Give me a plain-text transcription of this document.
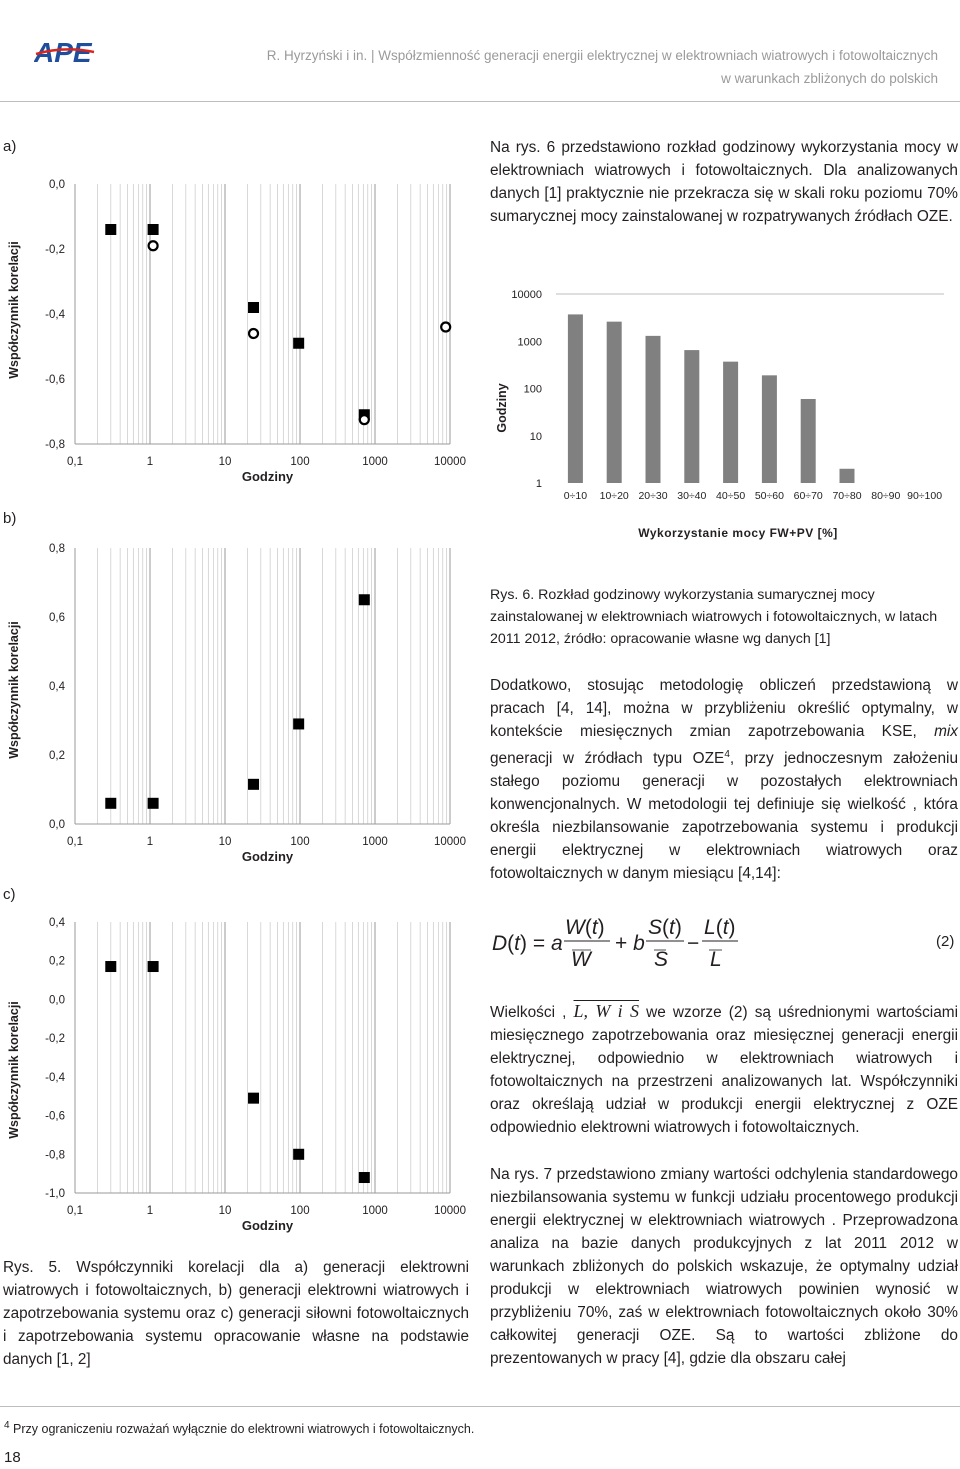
APE	R. Hyrzyński i in. | Współzmienność generacji energii elektrycznej w elektrowniach wiatrowych i fotowoltaicznych
w warunkach zbliżonych do polskich
a)
b)
c)
0,0
-0,2
-0,4
-0,6
-0,8
0,1	1	10	100	1000	10000
Godziny
Współczynnik korelacji
0,8
0,6
0,4
0,2
0,0
0,1	1	10	100	1000	10000
Godziny
Współczynnik korelacji
0,4
0,2
0,0
-0,2
-0,4
-0,6
-0,8
-1,0
0,1	1	10	100	1000	10000
Godziny
Współczynnik korelacji
Na rys. 6 przedstawiono rozkład godzinowy wykorzystania mocy w elektrowniach wiatrowych i fotowoltaicznych. Dla analizowanych danych [1] praktycznie nie przekracza się w skali roku poziomu 70% sumarycznej mocy zainstalowanej w rozpatrywanych źródłach OZE.
10000
1000
100
10
1
0÷10 10÷20 20÷30 30÷40 40÷50 50÷60 60÷70 70÷80 80÷90 90÷100
Godziny
Wykorzystanie mocy FW+PV [%]
Rys. 6. Rozkład godzinowy wykorzystania sumarycznej mocy zainstalowanej w elektrowniach wiatrowych i fotowoltaicznych, w latach 2011 2012, źródło: opracowanie własne wg danych [1]
Dodatkowo, stosując metodologię obliczeń przedstawioną w pracach [4, 14], można w przybliżeniu określić optymalny, w kontekście miesięcznych zmian zapotrzebowania KSE, mix generacji w źródłach typu OZE$^4$, przy jednoczesnym założeniu stałego poziomu generacji w pozostałych elektrowniach konwencjonalnych. W metodologii tej definiuje się wielkość , która określa niezbilansowanie zapotrzebowania systemu i produkcji energii elektrycznej w elektrowniach wiatrowych oraz fotowoltaicznych w danym miesiącu [4,14]:
D(t) = a
W(t)
W
+ b
S(t)
S
−
L(t)
L
(2)
Wielkości , L, W i S we wzorze (2) są uśrednionymi wartościami miesięcznego zapotrzebowania oraz miesięcznej generacji energii elektrycznej, odpowiednio w elektrowniach wiatrowych i fotowoltaicznych na przestrzeni analizowanych lat. Współczynniki oraz określają udział w produkcji energii elektrycznej z OZE odpowiednio elektrowni wiatrowych i fotowoltaicznych.
Na rys. 7 przedstawiono zmiany wartości odchylenia standardowego niezbilansowania systemu w funkcji udziału procentowego produkcji energii elektrycznej w elektrowniach wiatrowych . Przeprowadzona analiza na bazie danych produkcyjnych z lat 2011 2012 w warunkach zbliżonych do polskich wskazuje, że optymalny udział produkcji w elektrowniach wiatrowych powinien wynosić w przybliżeniu 70%, zaś w elektrowniach fotowoltaicznych około 30% całkowitej generacji OZE. Są to wartości zbliżone do prezentowanych w pracy [4], gdzie dla obszaru całej
Rys. 5. Współczynniki korelacji dla a) generacji elektrowni wiatrowych i fotowoltaicznych, b) generacji elektrowni wiatrowych i zapotrzebowania systemu oraz c) generacji siłowni fotowoltaicznych i zapotrzebowania systemu opracowanie własne na podstawie danych [1, 2]
$^4$ Przy ograniczeniu rozważań wyłącznie do elektrowni wiatrowych i fotowoltaicznych.
18
